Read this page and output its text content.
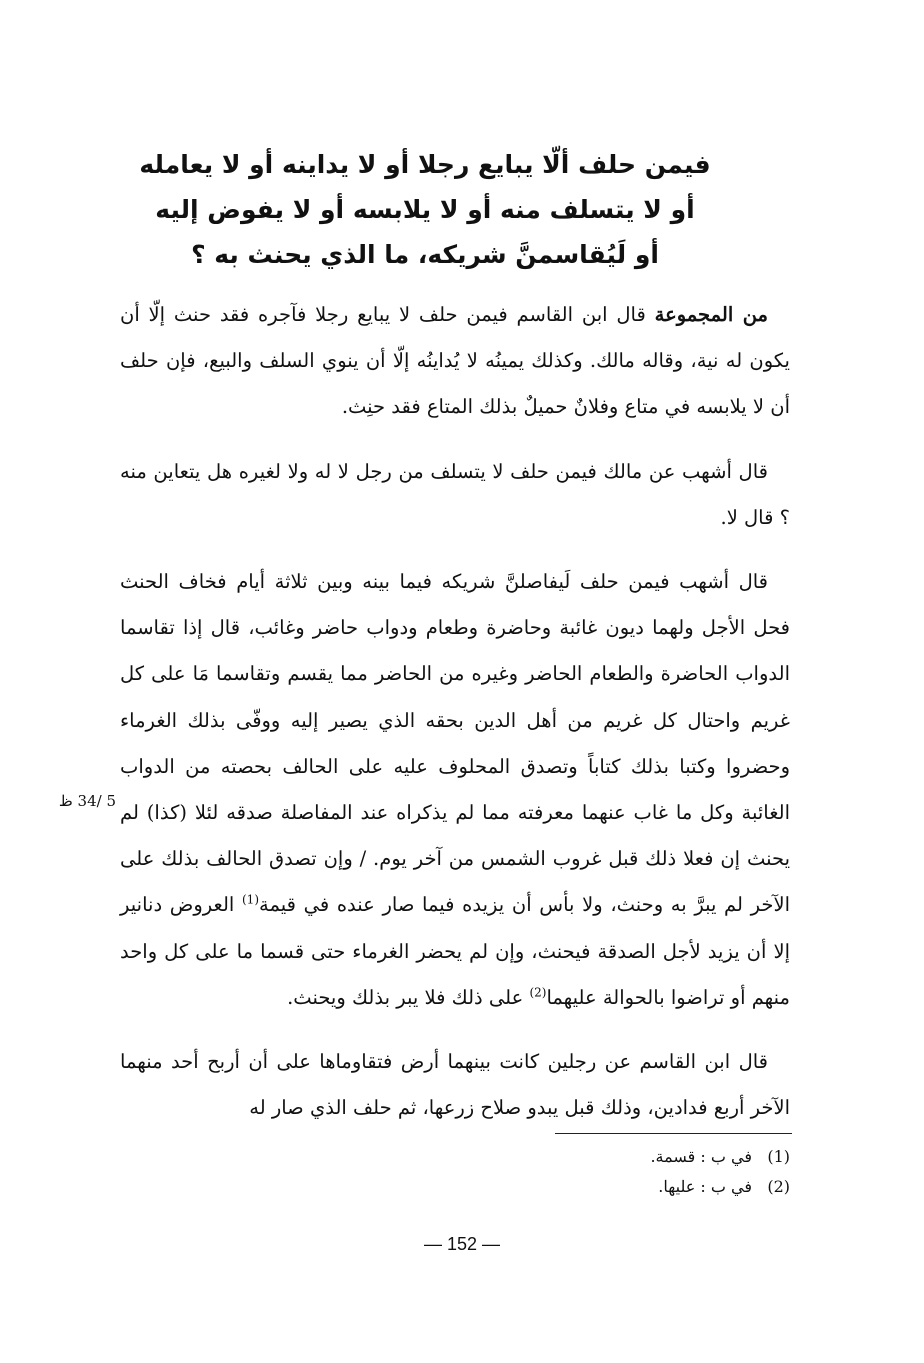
فيمن حلف ألّا يبايع رجلا أو لا يداينه أو لا يعامله
أو لا يتسلف منه أو لا يلابسه أو لا يفوض إليه
أو لَيُقاسمنَّ شريكه، ما الذي يحنث به ؟

من المجموعة قال ابن القاسم فيمن حلف لا يبايع رجلا فآجره فقد حنث إلّا أن يكون له نية، وقاله مالك. وكذلك يمينُه لا يُداينُه إلّا أن ينوي السلف والبيع، فإن حلف أن لا يلابسه في متاع وفلانٌ حميلٌ بذلك المتاع فقد حنِث.

قال أشهب عن مالك فيمن حلف لا يتسلف من رجل لا له ولا لغيره هل يتعاين منه ؟ قال لا.

قال أشهب فيمن حلف لَيفاصلنَّ شريكه فيما بينه وبين ثلاثة أيام فخاف الحنث فحل الأجل ولهما ديون غائبة وحاضرة وطعام ودواب حاضر وغائب، قال إذا تقاسما الدواب الحاضرة والطعام الحاضر وغيره من الحاضر مما يقسم وتقاسما مَا على كل غريم واحتال كل غريم من أهل الدين بحقه الذي يصير إليه ووفّى بذلك الغرماء وحضروا وكتبا بذلك كتاباً وتصدق المحلوف عليه على الحالف بحصته من الدواب الغائبة وكل ما غاب عنهما معرفته مما لم يذكراه عند المفاصلة صدقه لئلا (كذا) لم يحنث إن فعلا ذلك قبل غروب الشمس من آخر يوم. / وإن تصدق الحالف بذلك على الآخر لم يبرَّ به وحنث، ولا بأس أن يزيده فيما صار عنده في قيمة$^{(1)}$ العروض دنانير إلا أن يزيد لأجل الصدقة فيحنث، وإن لم يحضر الغرماء حتى قسما ما على كل واحد منهم أو تراضوا بالحوالة عليهما$^{(2)}$ على ذلك فلا يبر بذلك ويحنث.

قال ابن القاسم عن رجلين كانت بينهما أرض فتقاوماها على أن أربح أحد منهما الآخر أربع فدادين، وذلك قبل يبدو صلاح زرعها، ثم حلف الذي صار له

5 /34 ظ
(1)
في ب : قسمة.
(2)
في ب : عليها.
— 152 —
